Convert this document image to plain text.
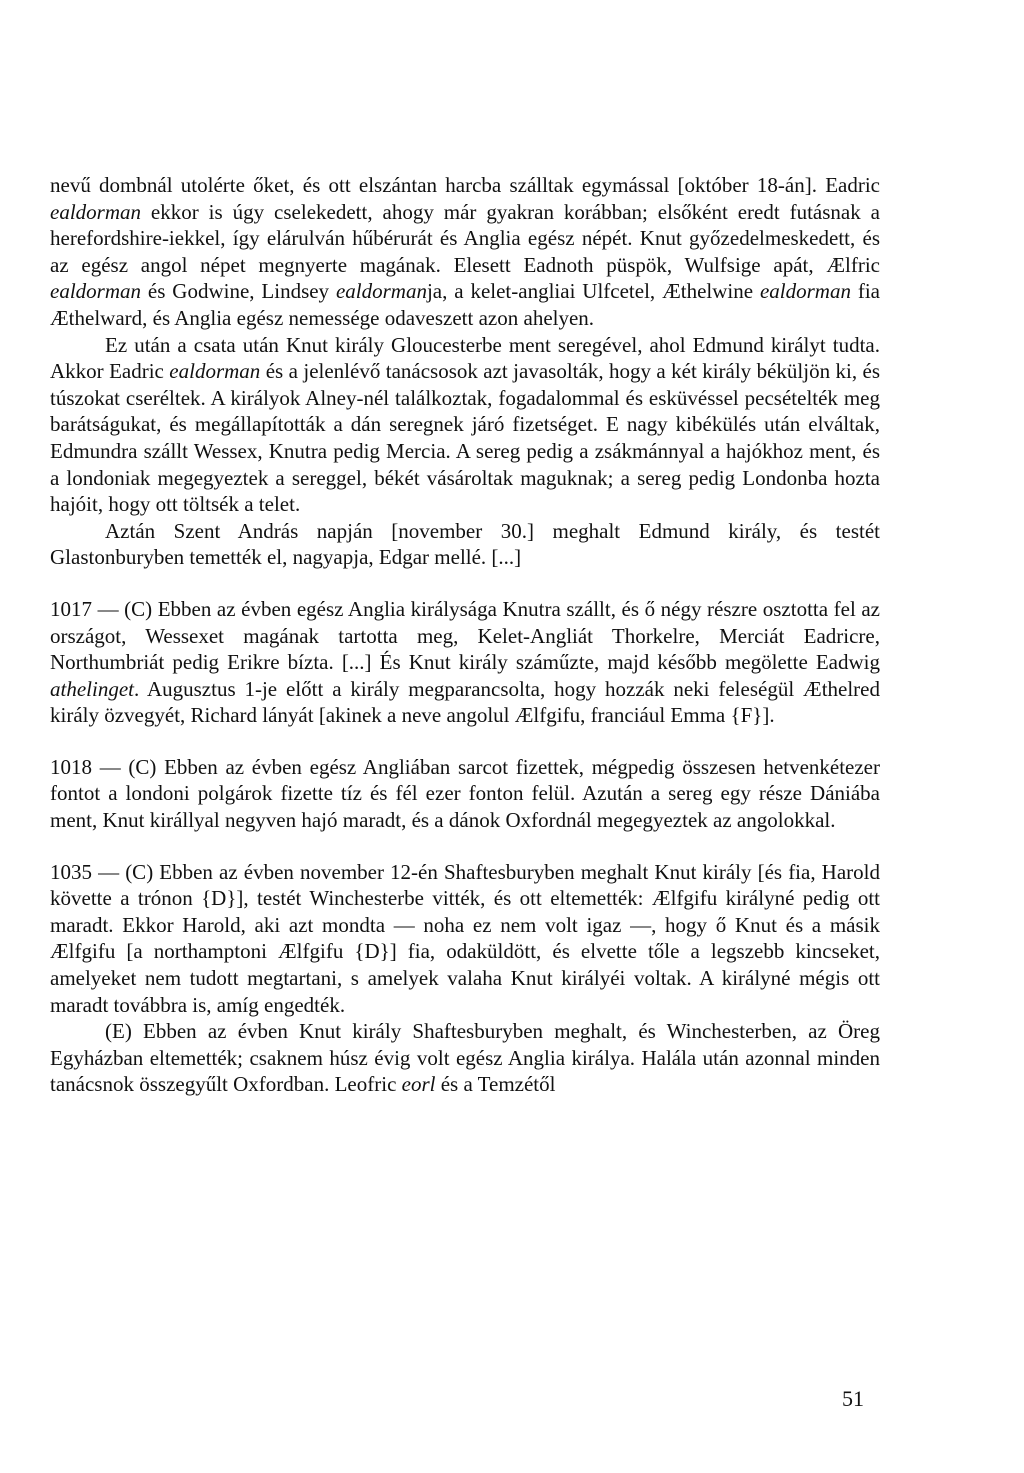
nevű dombnál utolérte őket, és ott elszántan harcba szálltak egymással [október 18-án]. Eadric ealdorman ekkor is úgy cselekedett, ahogy már gyakran korábban; elsőként eredt futásnak a herefordshire-iekkel, így elárulván hűbérurát és Anglia egész népét. Knut győzedelmeskedett, és az egész angol népet megnyerte magának. Elesett Eadnoth püspök, Wulfsige apát, Ælfric ealdorman és Godwine, Lindsey ealdormanja, a kelet-angliai Ulfcetel, Æthelwine ealdorman fia Æthelward, és Anglia egész nemessége odaveszett azon ahelyen.

Ez után a csata után Knut király Gloucesterbe ment seregével, ahol Edmund királyt tudta. Akkor Eadric ealdorman és a jelenlévő tanácsosok azt javasolták, hogy a két király béküljön ki, és túszokat cseréltek. A királyok Alney-nél találkoztak, fogadalommal és esküvéssel pecsételték meg barátságukat, és megállapították a dán seregnek járó fizetséget. E nagy kibékülés után elváltak, Edmundra szállt Wessex, Knutra pedig Mercia. A sereg pedig a zsákmánnyal a hajókhoz ment, és a londoniak megegyeztek a sereggel, békét vásároltak maguknak; a sereg pedig Londonba hozta hajóit, hogy ott töltsék a telet.

Aztán Szent András napján [november 30.] meghalt Edmund király, és testét Glastonburyben temették el, nagyapja, Edgar mellé. [...]

1017 — (C) Ebben az évben egész Anglia királysága Knutra szállt, és ő négy részre osztotta fel az országot, Wessexet magának tartotta meg, Kelet-Angliát Thorkelre, Merciát Eadricre, Northumbriát pedig Erikre bízta. [...] És Knut király száműzte, majd később megölette Eadwig athelinget. Augusztus 1-je előtt a király megparancsolta, hogy hozzák neki feleségül Æthelred király özvegyét, Richard lányát [akinek a neve angolul Ælfgifu, franciául Emma {F}].

1018 — (C) Ebben az évben egész Angliában sarcot fizettek, mégpedig összesen hetvenkétezer fontot a londoni polgárok fizette tíz és fél ezer fonton felül. Azután a sereg egy része Dániába ment, Knut királlyal negyven hajó maradt, és a dánok Oxfordnál megegyeztek az angolokkal.

1035 — (C) Ebben az évben november 12-én Shaftesburyben meghalt Knut király [és fia, Harold követte a trónon {D}], testét Winchesterbe vitték, és ott eltemették: Ælfgifu királyné pedig ott maradt. Ekkor Harold, aki azt mondta — noha ez nem volt igaz —, hogy ő Knut és a másik Ælfgifu [a northamptoni Ælfgifu {D}] fia, odaküldött, és elvette tőle a legszebb kincseket, amelyeket nem tudott megtartani, s amelyek valaha Knut királyéi voltak. A királyné mégis ott maradt továbbra is, amíg engedték.

(E) Ebben az évben Knut király Shaftesburyben meghalt, és Winchesterben, az Öreg Egyházban eltemették; csaknem húsz évig volt egész Anglia királya. Halála után azonnal minden tanácsnok összegyűlt Oxfordban. Leofric eorl és a Temzétől

51
